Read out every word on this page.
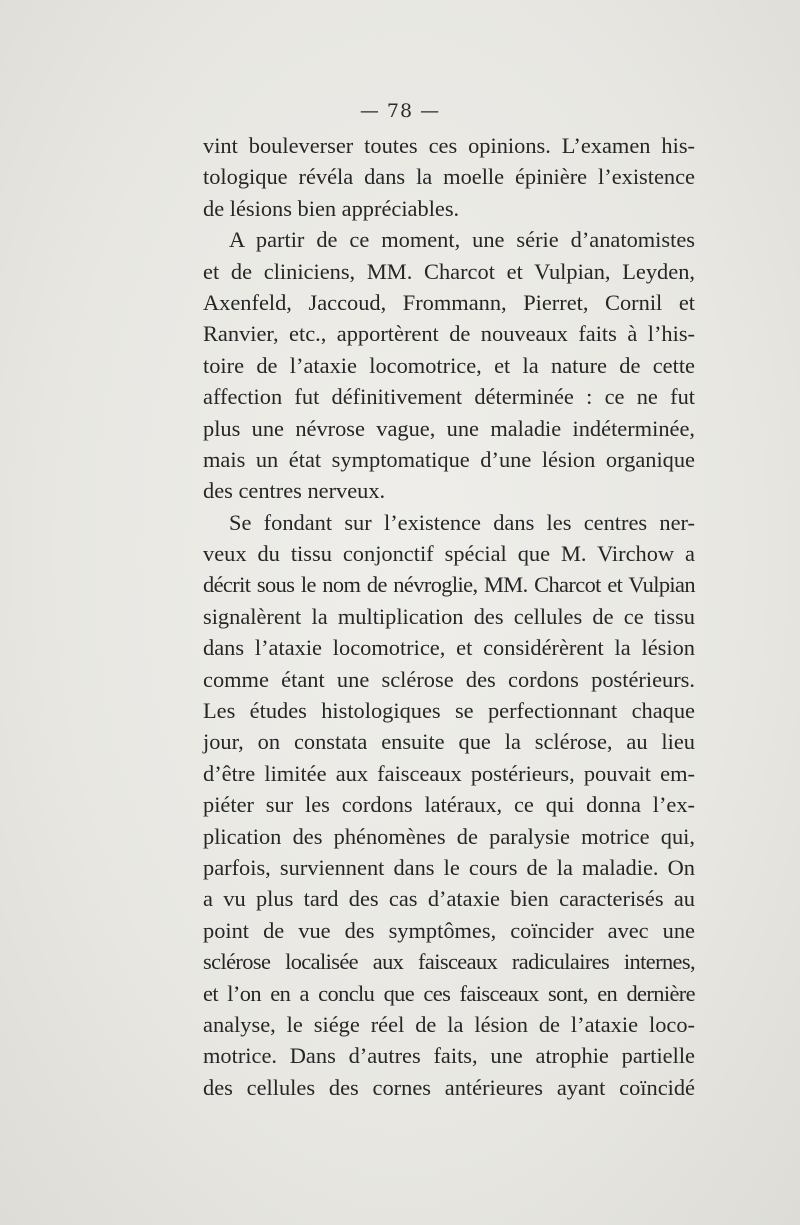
— 78 —
vint bouleverser toutes ces opinions. L’examen his-
tologique révéla dans la moelle épinière l’existence
de lésions bien appréciables.
A partir de ce moment, une série d’anatomistes
et de cliniciens, MM. Charcot et Vulpian, Leyden,
Axenfeld, Jaccoud, Frommann, Pierret, Cornil et
Ranvier, etc., apportèrent de nouveaux faits à l’his-
toire de l’ataxie locomotrice, et la nature de cette
affection fut définitivement déterminée : ce ne fut
plus une névrose vague, une maladie indéterminée,
mais un état symptomatique d’une lésion organique
des centres nerveux.
Se fondant sur l’existence dans les centres ner-
veux du tissu conjonctif spécial que M. Virchow a
décrit sous le nom de névroglie, MM. Charcot et Vulpian
signalèrent la multiplication des cellules de ce tissu
dans l’ataxie locomotrice, et considérèrent la lésion
comme étant une sclérose des cordons postérieurs.
Les études histologiques se perfectionnant chaque
jour, on constata ensuite que la sclérose, au lieu
d’être limitée aux faisceaux postérieurs, pouvait em-
piéter sur les cordons latéraux, ce qui donna l’ex-
plication des phénomènes de paralysie motrice qui,
parfois, surviennent dans le cours de la maladie. On
a vu plus tard des cas d’ataxie bien caracterisés au
point de vue des symptômes, coïncider avec une
sclérose localisée aux faisceaux radiculaires internes,
et l’on en a conclu que ces faisceaux sont, en dernière
analyse, le siége réel de la lésion de l’ataxie loco-
motrice. Dans d’autres faits, une atrophie partielle
des cellules des cornes antérieures ayant coïncidé
